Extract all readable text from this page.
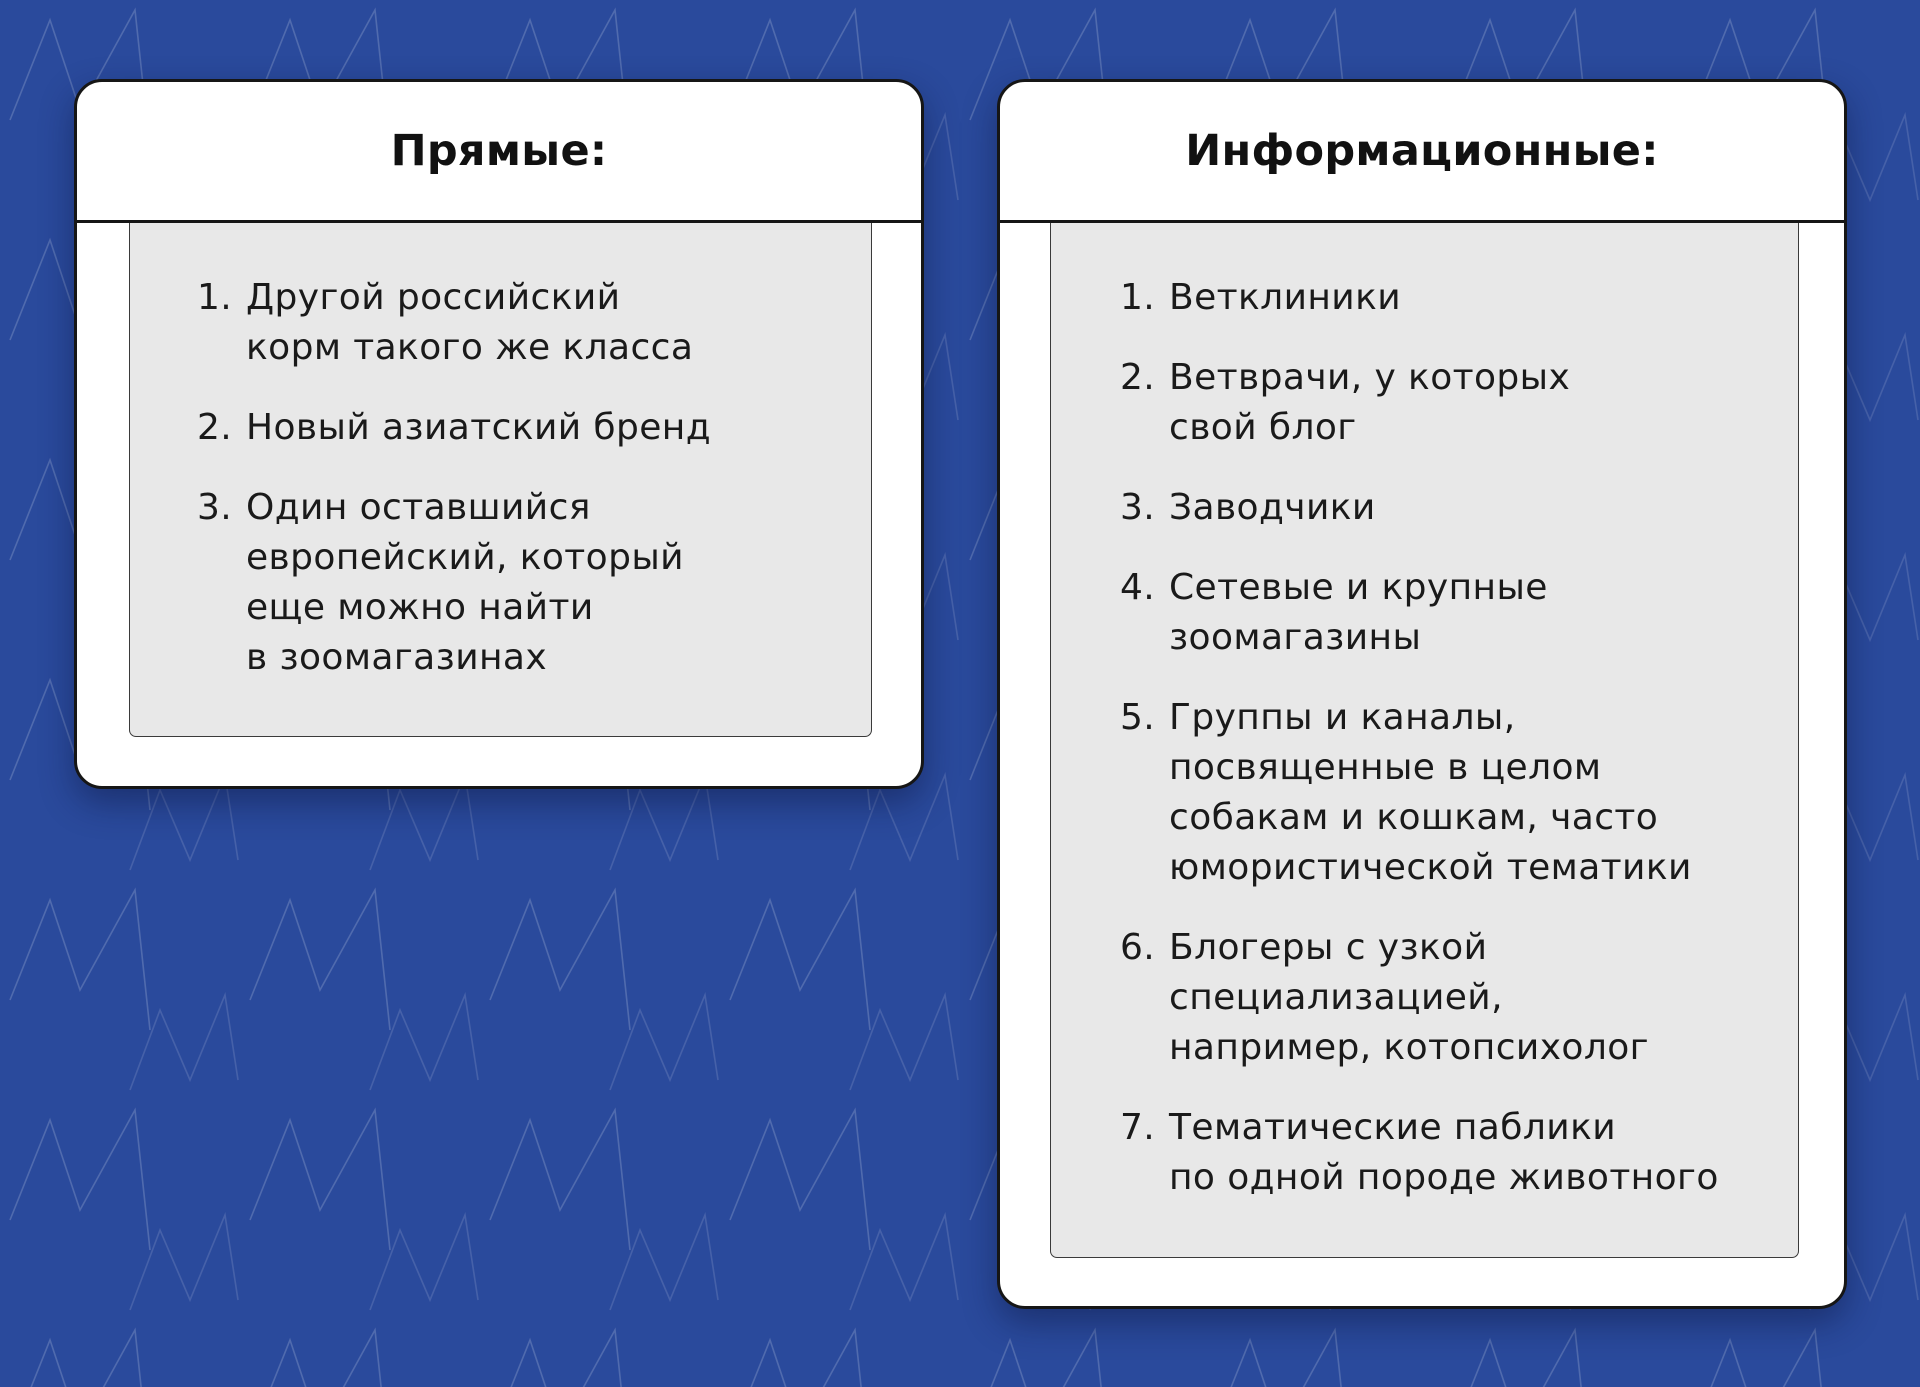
Прямые:
1. Другой российский
корм такого же класса
2. Новый азиатский бренд
3. Один оставшийся
европейский, который
еще можно найти
в зоомагазинах
Информационные:
1. Ветклиники
2. Ветврачи, у которых
свой блог
3. Заводчики
4. Сетевые и крупные
зоомагазины
5. Группы и каналы,
посвященные в целом
собакам и кошкам, часто
юмористической тематики
6. Блогеры с узкой
специализацией,
например, котопсихолог
7. Тематические паблики
по одной породе животного
